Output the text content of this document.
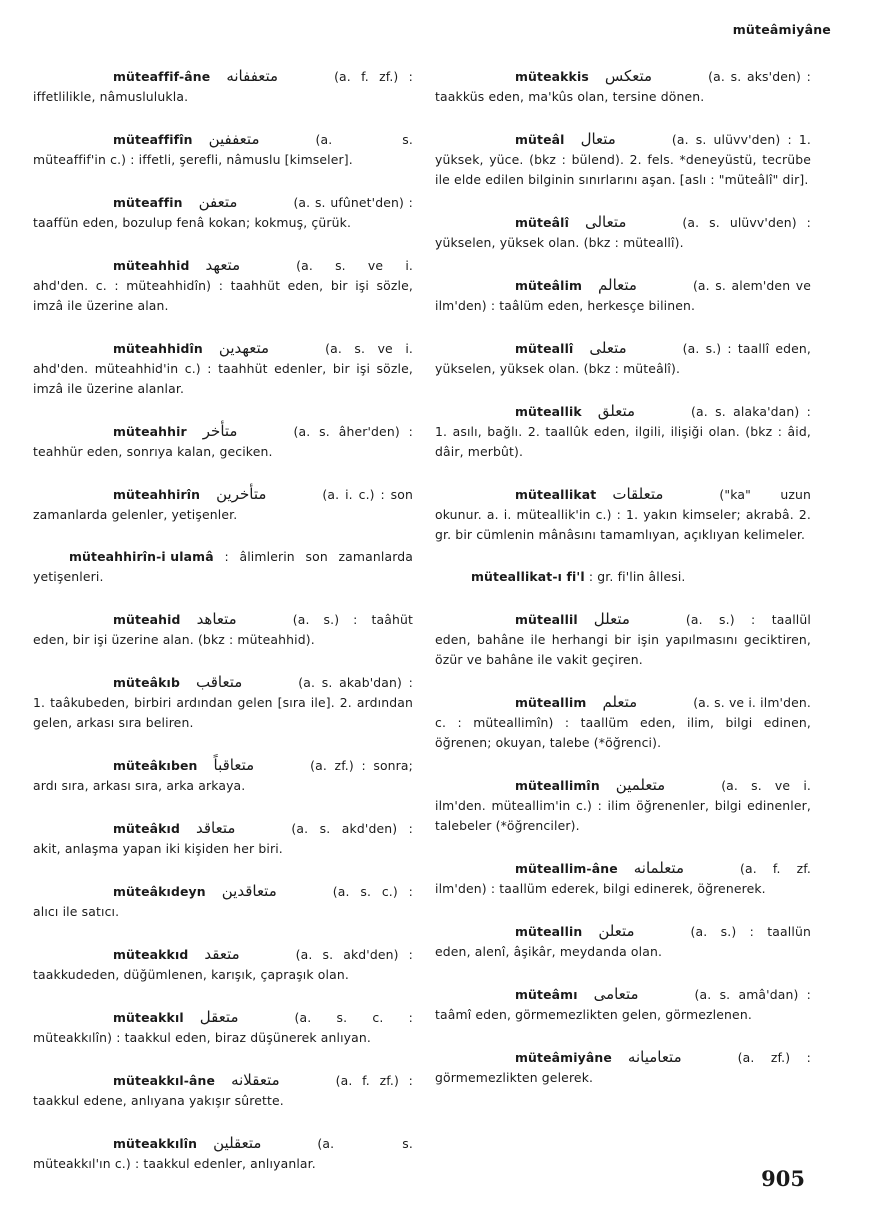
müteâmiyâne
müteaffif-âne متعففانه	(a. f. zf.) : iffetlilikle, nâmuslulukla.
müteaffifîn متعففين	(a. s. müteaffif'in c.) : iffetli, şerefli, nâmuslu [kimseler].
müteaffin متعفن	(a. s. ufûnet'den) : taaffün eden, bozulup fenâ kokan; kokmuş, çürük.
müteahhid متعهد	(a. s. ve i. ahd'den. c. : müteahhidîn) : taahhüt eden, bir işi sözle, imzâ ile üzerine alan.
müteahhidîn متعهدين	(a. s. ve i. ahd'den. müteahhid'in c.) : taahhüt edenler, bir işi sözle, imzâ ile üzerine alanlar.
müteahhir متأخر	(a. s. âher'den) : teahhür eden, sonrıya kalan, geciken.
müteahhirîn متأخرين	(a. i. c.) : son zamanlarda gelenler, yetişenler.
müteahhirîn-i ulamâ : âlimlerin son zamanlarda yetişenleri.
müteahid متعاهد	(a. s.) : taâhüt eden, bir işi üzerine alan. (bkz : müteahhid).
müteâkıb متعاقب	(a. s. akab'dan) : 1. taâkubeden, birbiri ardından gelen [sıra ile]. 2. ardından gelen, arkası sıra beliren.
müteâkıben متعاقباً	(a. zf.) : sonra; ardı sıra, arkası sıra, arka arkaya.
müteâkıd متعاقد	(a. s. akd'den) : akit, anlaşma yapan iki kişiden her biri.
müteâkıdeyn متعاقدين	(a. s. c.) : alıcı ile satıcı.
müteakkıd متعقد	(a. s. akd'den) : taakkudeden, düğümlenen, karışık, çapraşık olan.
müteakkıl متعقل	(a. s. c. : müteakkılîn) : taakkul eden, biraz düşünerek anlıyan.
müteakkıl-âne متعقلانه	(a. f. zf.) : taakkul edene, anlıyana yakışır sûrette.
müteakkılîn متعقلين	(a. s. müteakkıl'ın c.) : taakkul edenler, anlıyanlar.
müteakkis متعكس	(a. s. aks'den) : taakküs eden, ma'kûs olan, tersine dönen.
müteâl متعال	(a. s. ulüvv'den) : 1. yüksek, yüce. (bkz : bülend). 2. fels. *deneyüstü, tecrübe ile elde edilen bilginin sınırlarını aşan. [aslı : "müteâlî" dir].
müteâlî متعالى	(a. s. ulüvv'den) : yükselen, yüksek olan. (bkz : müteallî).
müteâlim متعالم	(a. s. alem'den ve ilm'den) : taâlüm eden, herkesçe bilinen.
müteallî متعلى	(a. s.) : taallî eden, yükselen, yüksek olan. (bkz : müteâlî).
müteallik متعلق	(a. s. alaka'dan) : 1. asılı, bağlı. 2. taallûk eden, ilgili, ilişiği olan. (bkz : âid, dâir, merbût).
müteallikat متعلقات	("ka" uzun okunur. a. i. müteallik'in c.) : 1. yakın kimseler; akrabâ. 2. gr. bir cümlenin mânâsını tamamlıyan, açıklıyan kelimeler.
müteallikat-ı fi'l : gr. fi'lin âllesi.
müteallil متعلل	(a. s.) : taallül eden, bahâne ile herhangi bir işin yapılmasını geciktiren, özür ve bahâne ile vakit geçiren.
müteallim متعلم	(a. s. ve i. ilm'den. c. : müteallimîn) : taallüm eden, ilim, bilgi edinen, öğrenen; okuyan, talebe (*öğrenci).
müteallimîn متعلمين	(a. s. ve i. ilm'den. müteallim'in c.) : ilim öğrenenler, bilgi edinenler, talebeler (*öğrenciler).
müteallim-âne متعلمانه	(a. f. zf. ilm'den) : taallüm ederek, bilgi edinerek, öğrenerek.
müteallin متعلن	(a. s.) : taallün eden, alenî, âşikâr, meydanda olan.
müteâmı متعامى	(a. s. amâ'dan) : taâmî eden, görmemezlikten gelen, görmezlenen.
müteâmiyâne متعاميانه	(a. zf.) : görmemezlikten gelerek.
905
